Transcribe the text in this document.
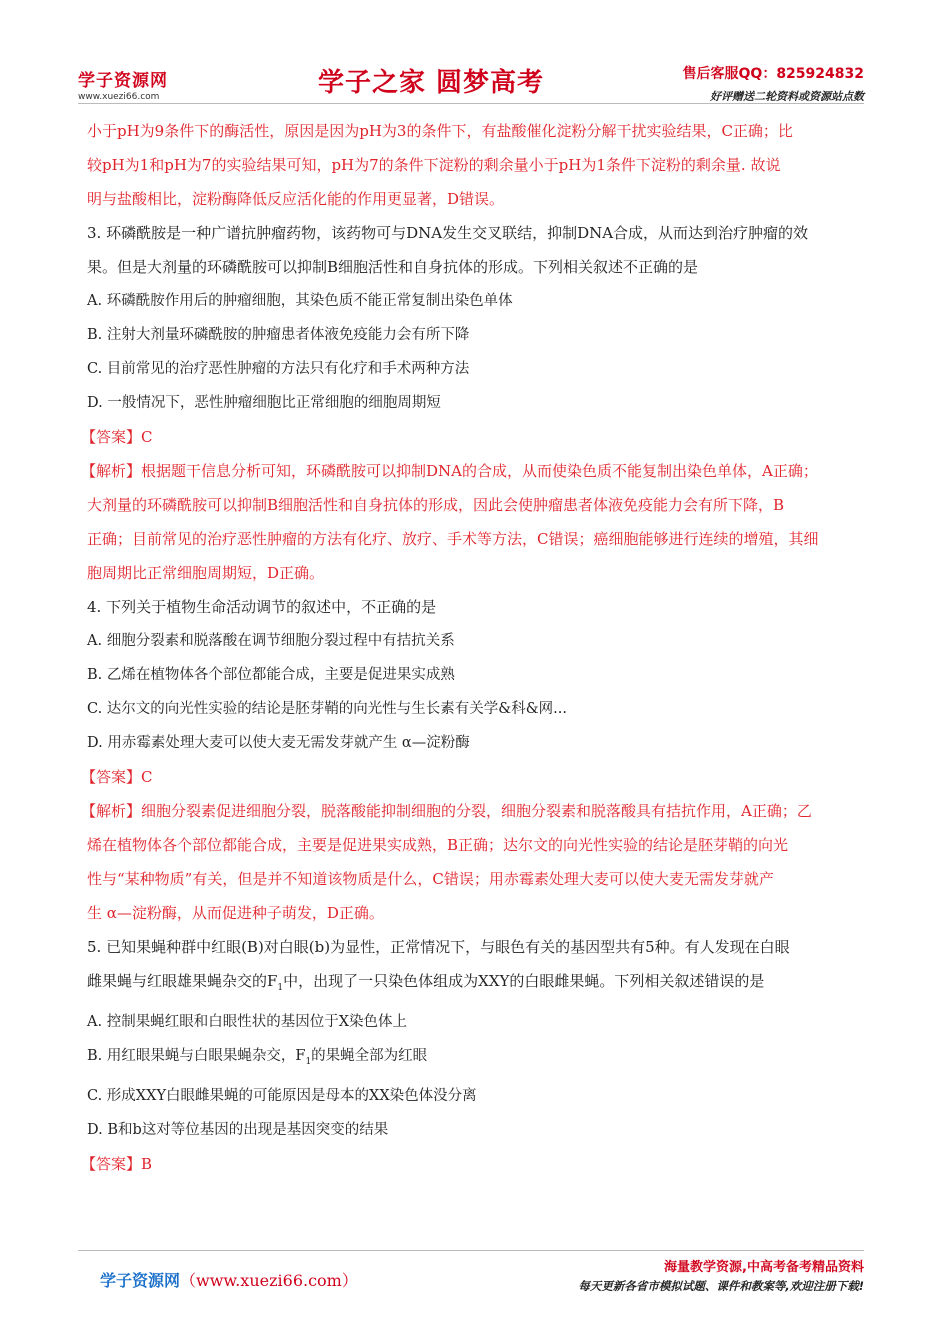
学子资源网
www.xuezi66.com	学子之家 圆梦高考	售后客服QQ：825924832
好评赠送二轮资料或资源站点数

小于pH为9条件下的酶活性，原因是因为pH为3的条件下，有盐酸催化淀粉分解干扰实验结果，C正确；比

较pH为1和pH为7的实验结果可知，pH为7的条件下淀粉的剩余量小于pH为1条件下淀粉的剩余量. 故说

明与盐酸相比，淀粉酶降低反应活化能的作用更显著，D错误。

3. 环磷酰胺是一种广谱抗肿瘤药物，该药物可与DNA发生交叉联结，抑制DNA合成，从而达到治疗肿瘤的效

果。但是大剂量的环磷酰胺可以抑制B细胞活性和自身抗体的形成。下列相关叙述不正确的是

A. 环磷酰胺作用后的肿瘤细胞，其染色质不能正常复制出染色单体

B. 注射大剂量环磷酰胺的肿瘤患者体液免疫能力会有所下降

C. 目前常见的治疗恶性肿瘤的方法只有化疗和手术两种方法

D. 一般情况下，恶性肿瘤细胞比正常细胞的细胞周期短

【答案】C

【解析】根据题干信息分析可知，环磷酰胺可以抑制DNA的合成，从而使染色质不能复制出染色单体，A正确；

大剂量的环磷酰胺可以抑制B细胞活性和自身抗体的形成，因此会使肿瘤患者体液免疫能力会有所下降，B

正确；目前常见的治疗恶性肿瘤的方法有化疗、放疗、手术等方法，C错误；癌细胞能够进行连续的增殖，其细

胞周期比正常细胞周期短，D正确。

4. 下列关于植物生命活动调节的叙述中，不正确的是

A. 细胞分裂素和脱落酸在调节细胞分裂过程中有拮抗关系

B. 乙烯在植物体各个部位都能合成，主要是促进果实成熟

C. 达尔文的向光性实验的结论是胚芽鞘的向光性与生长素有关学&科&网...

D. 用赤霉素处理大麦可以使大麦无需发芽就产生 α—淀粉酶

【答案】C

【解析】细胞分裂素促进细胞分裂，脱落酸能抑制细胞的分裂，细胞分裂素和脱落酸具有拮抗作用，A正确；乙

烯在植物体各个部位都能合成，主要是促进果实成熟，B正确；达尔文的向光性实验的结论是胚芽鞘的向光

性与“某种物质”有关，但是并不知道该物质是什么，C错误；用赤霉素处理大麦可以使大麦无需发芽就产

生 α—淀粉酶，从而促进种子萌发，D正确。

5. 已知果蝇种群中红眼(B)对白眼(b)为显性，正常情况下，与眼色有关的基因型共有5种。有人发现在白眼

雌果蝇与红眼雄果蝇杂交的$F_1$中，出现了一只染色体组成为XXY的白眼雌果蝇。下列相关叙述错误的是

A. 控制果蝇红眼和白眼性状的基因位于X染色体上

B. 用红眼果蝇与白眼果蝇杂交，$F_1$的果蝇全部为红眼

C. 形成XXY白眼雌果蝇的可能原因是母本的XX染色体没分离

D. B和b这对等位基因的出现是基因突变的结果

【答案】B

学子资源网（www.xuezi66.com）
海量教学资源,中高考备考精品资料
每天更新各省市模拟试题、课件和教案等,欢迎注册下载!
